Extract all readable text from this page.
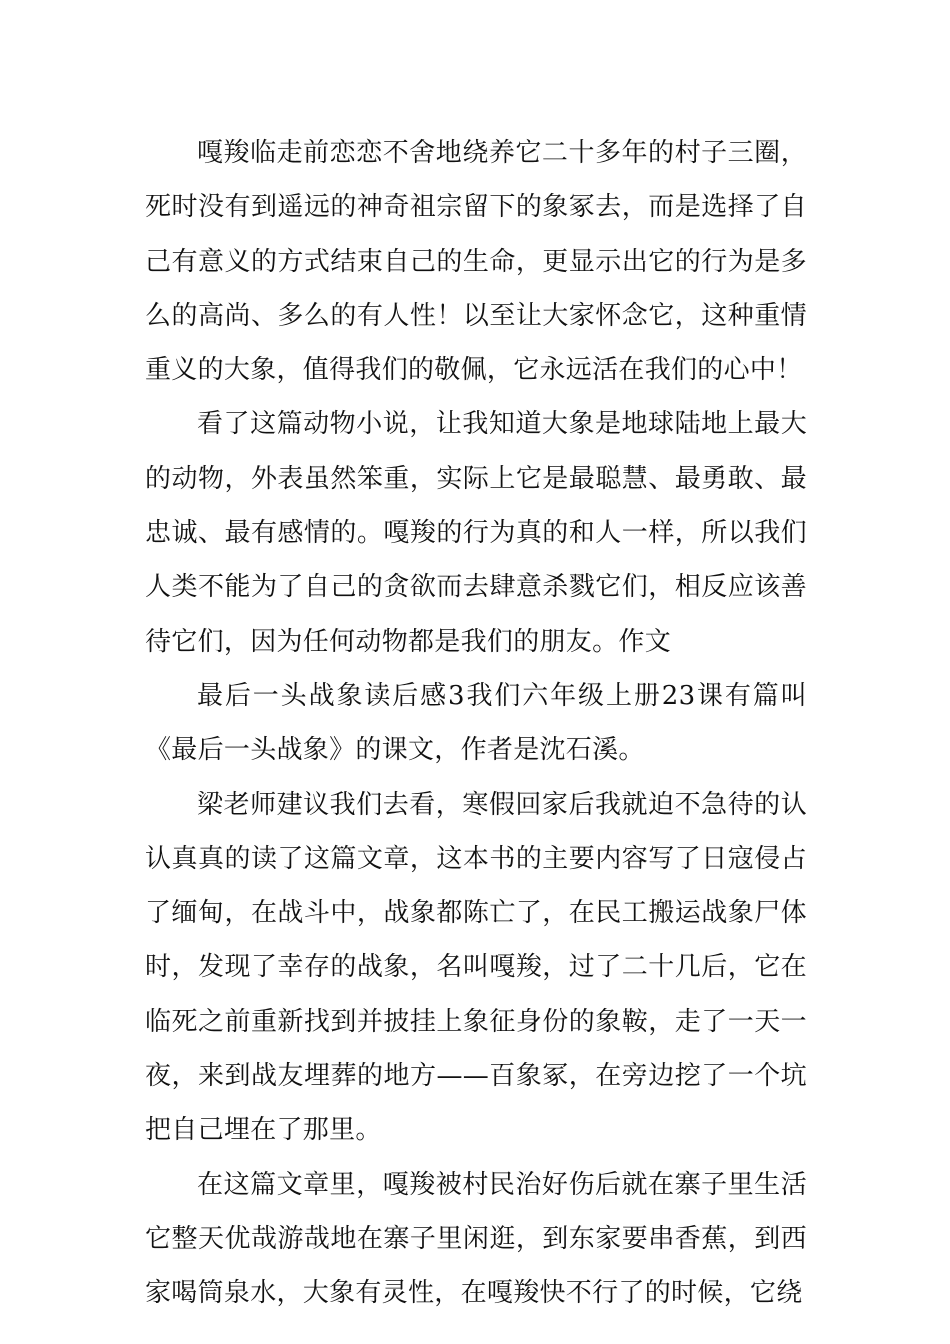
嘎羧临走前恋恋不舍地绕养它二十多年的村子三圈，死时没有到遥远的神奇祖宗留下的象冢去，而是选择了自己有意义的方式结束自己的生命，更显示出它的行为是多么的高尚、多么的有人性！以至让大家怀念它，这种重情重义的大象，值得我们的敬佩，它永远活在我们的心中！

看了这篇动物小说，让我知道大象是地球陆地上最大的动物，外表虽然笨重，实际上它是最聪慧、最勇敢、最忠诚、最有感情的。嘎羧的行为真的和人一样，所以我们人类不能为了自己的贪欲而去肆意杀戮它们，相反应该善待它们，因为任何动物都是我们的朋友。作文

最后一头战象读后感3我们六年级上册23课有篇叫《最后一头战象》的课文，作者是沈石溪。

梁老师建议我们去看，寒假回家后我就迫不急待的认认真真的读了这篇文章，这本书的主要内容写了日寇侵占了缅甸，在战斗中，战象都陈亡了，在民工搬运战象尸体时，发现了幸存的战象，名叫嘎羧，过了二十几后，它在临死之前重新找到并披挂上象征身份的象鞍，走了一天一夜，来到战友埋葬的地方——百象冢，在旁边挖了一个坑把自己埋在了那里。

在这篇文章里，嘎羧被村民治好伤后就在寨子里生活它整天优哉游哉地在寨子里闲逛，到东家要串香蕉，到西家喝筒泉水，大象有灵性，在嘎羧快不行了的时候，它绕
